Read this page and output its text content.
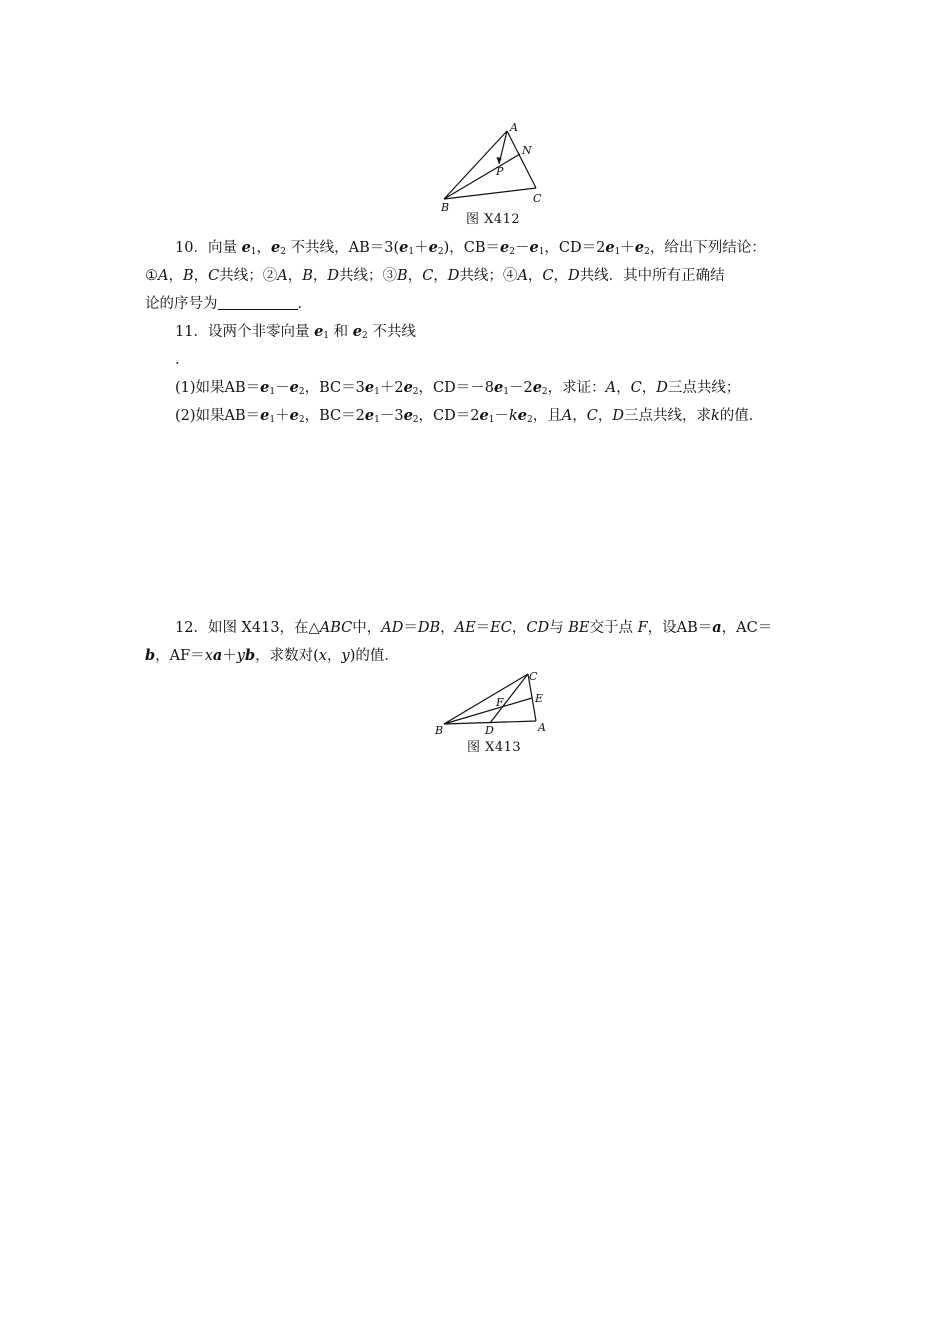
A
N
P
B
C
图 X412
10．向量 $e_1$，$e_2$ 不共线，$AB=3(e_1+e_2)$，$CB=e_2-e_1$，$CD=2e_1+e_2$，给出下列结论：
①A，B，C共线；②A，B，D共线；③B，C，D共线；④A，C，D共线．其中所有正确结
论的序号为	．
11．设两个非零向量 $e_1$ 和 $e_2$ 不共线
.
(1)如果$AB=e_1-e_2$，$BC=3e_1+2e_2$，$CD=-8e_1-2e_2$，求证：A，C，D三点共线；
(2)如果$AB=e_1+e_2$，$BC=2e_1-3e_2$，$CD=2e_1-ke_2$，且A，C，D三点共线，求k的值．
12．如图 X413，在△ABC中，AD＝DB，AE＝EC，CD与 BE交于点 F，设AB＝a，AC＝
b，AF＝xa＋yb，求数对(x，y)的值．
C
E
F
D
B	A
图 X413
